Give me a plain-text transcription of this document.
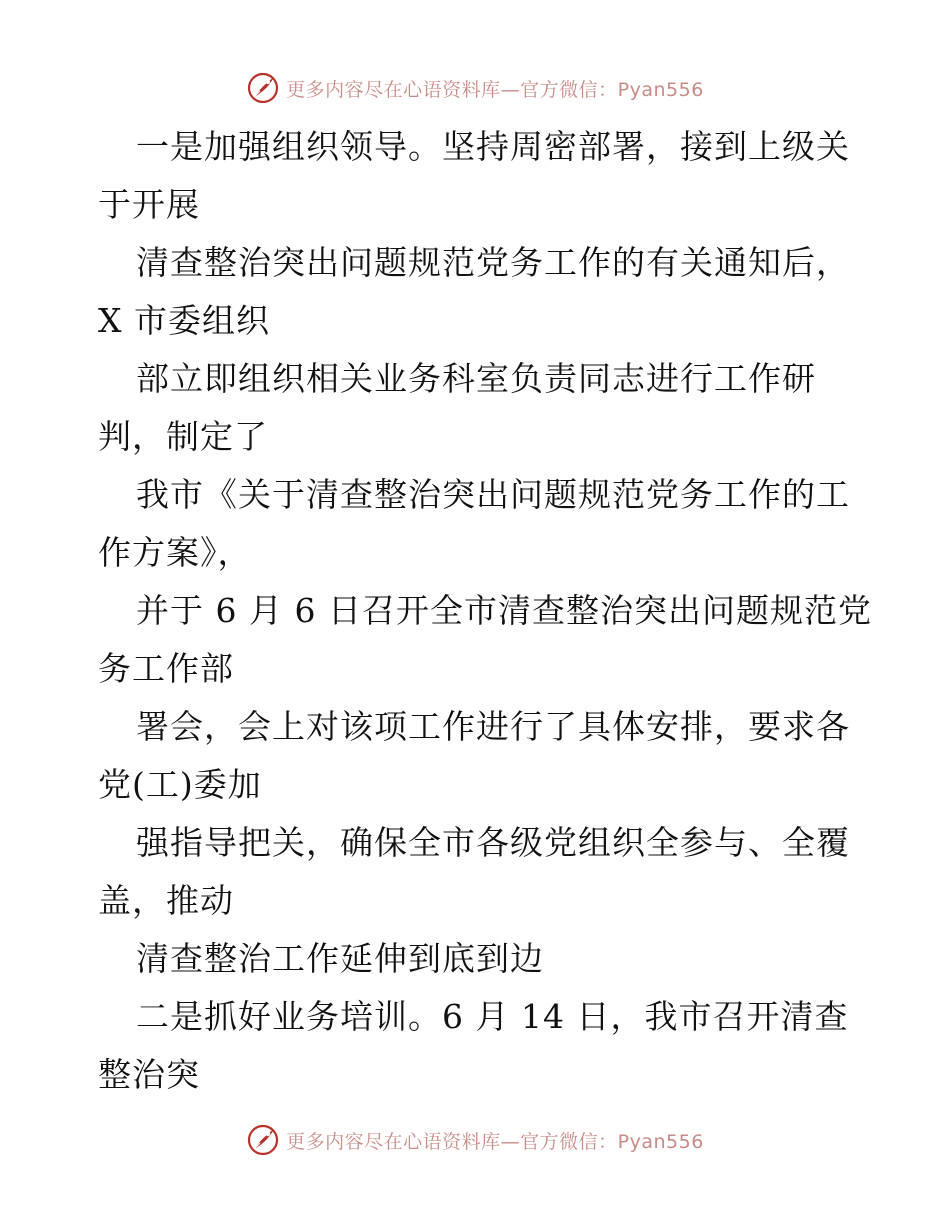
更多内容尽在心语资料库—官方微信：Pyan556
一是加强组织领导。坚持周密部署，接到上级关
于开展
清查整治突出问题规范党务工作的有关通知后，
X 市委组织
部立即组织相关业务科室负责同志进行工作研
判，制定了
我市《关于清查整治突出问题规范党务工作的工
作方案》，
并于 6 月 6 日召开全市清查整治突出问题规范党
务工作部
署会，会上对该项工作进行了具体安排，要求各
党(工)委加
强指导把关，确保全市各级党组织全参与、全覆
盖，推动
清查整治工作延伸到底到边
二是抓好业务培训。6 月 14 日，我市召开清查
整治突
更多内容尽在心语资料库—官方微信：Pyan556
